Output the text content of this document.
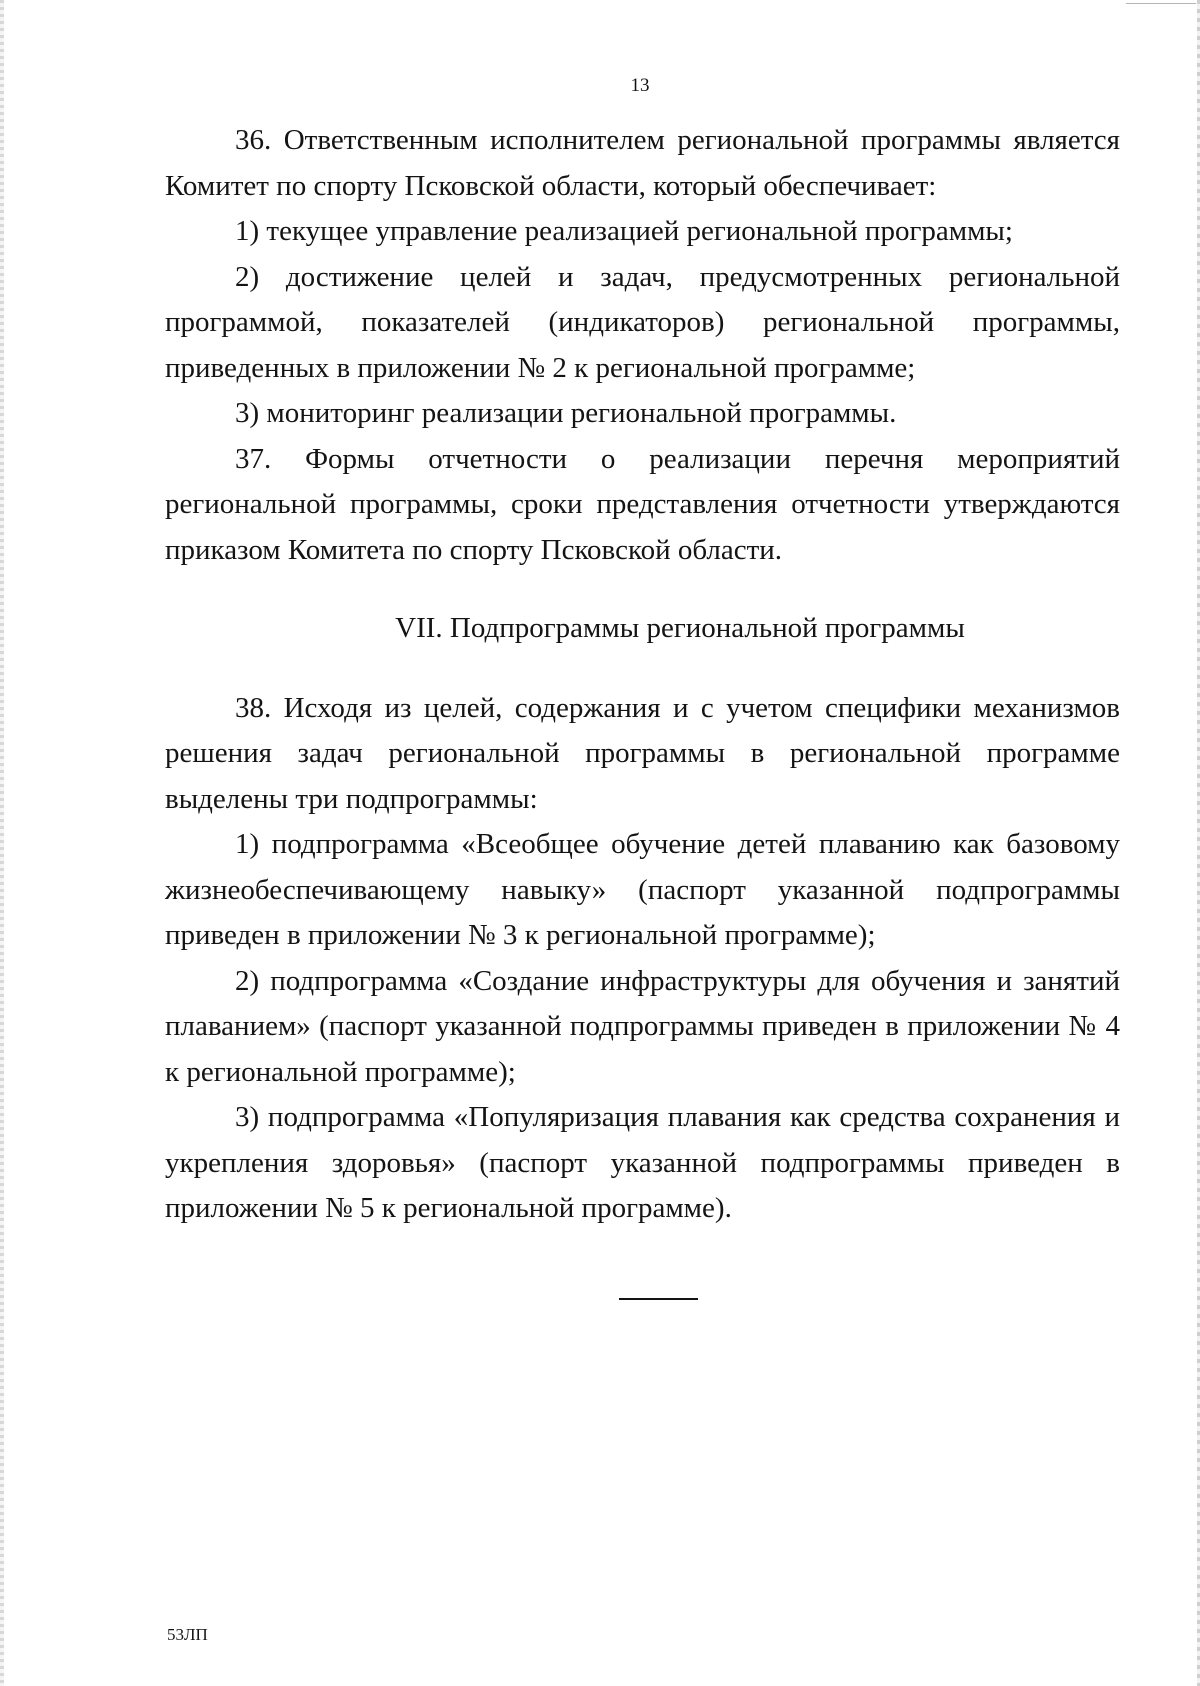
13

36. Ответственным исполнителем региональной программы является Комитет по спорту Псковской области, который обеспечивает:

1) текущее управление реализацией региональной программы;

2) достижение целей и задач, предусмотренных региональной программой, показателей (индикаторов) региональной программы, приведенных в приложении № 2 к региональной программе;

3) мониторинг реализации региональной программы.

37. Формы отчетности о реализации перечня мероприятий региональной программы, сроки представления отчетности утверждаются приказом Комитета по спорту Псковской области.

VII. Подпрограммы региональной программы

38. Исходя из целей, содержания и с учетом специфики механизмов решения задач региональной программы в региональной программе выделены три подпрограммы:

1) подпрограмма «Всеобщее обучение детей плаванию как базовому жизнеобеспечивающему навыку» (паспорт указанной подпрограммы приведен в приложении № 3 к региональной программе);

2) подпрограмма «Создание инфраструктуры для обучения и занятий плаванием» (паспорт указанной подпрограммы приведен в приложении № 4 к региональной программе);

3) подпрограмма «Популяризация плавания как средства сохранения и укрепления здоровья» (паспорт указанной подпрограммы приведен в приложении № 5 к региональной программе).

53ЛП
